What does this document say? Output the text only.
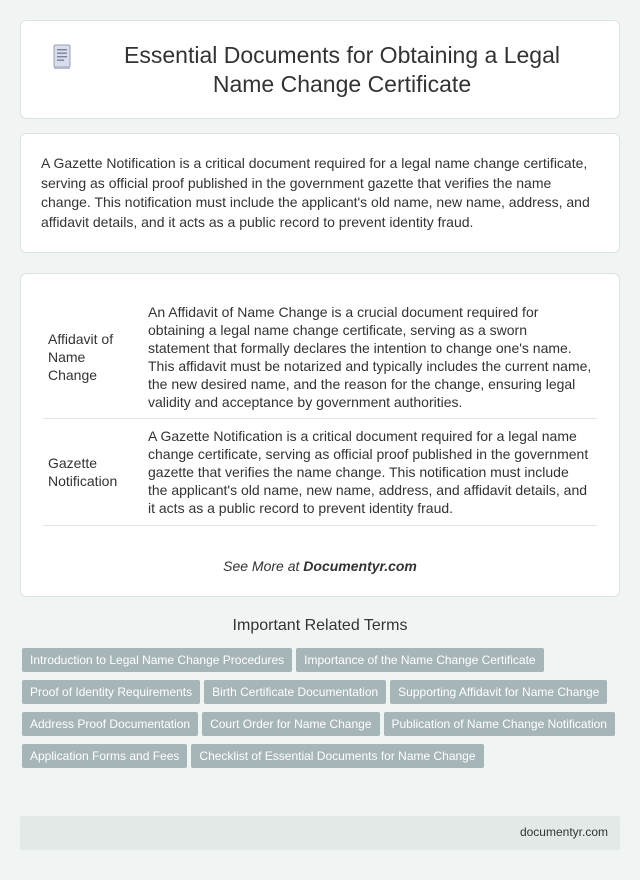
Essential Documents for Obtaining a Legal Name Change Certificate

A Gazette Notification is a critical document required for a legal name change certificate, serving as official proof published in the government gazette that verifies the name change. This notification must include the applicant's old name, new name, address, and affidavit details, and it acts as a public record to prevent identity fraud.

Affidavit of Name Change	An Affidavit of Name Change is a crucial document required for obtaining a legal name change certificate, serving as a sworn statement that formally declares the intention to change one's name. This affidavit must be notarized and typically includes the current name, the new desired name, and the reason for the change, ensuring legal validity and acceptance by government authorities.
Gazette Notification	A Gazette Notification is a critical document required for a legal name change certificate, serving as official proof published in the government gazette that verifies the name change. This notification must include the applicant's old name, new name, address, and affidavit details, and it acts as a public record to prevent identity fraud.
See More at Documentyr.com
Important Related Terms
Introduction to Legal Name Change Procedures Importance of the Name Change CertificateProof of Identity Requirements Birth Certificate Documentation Supporting Affidavit for Name ChangeAddress Proof Documentation Court Order for Name Change Publication of Name Change NotificationApplication Forms and Fees Checklist of Essential Documents for Name Change
documentyr.com
